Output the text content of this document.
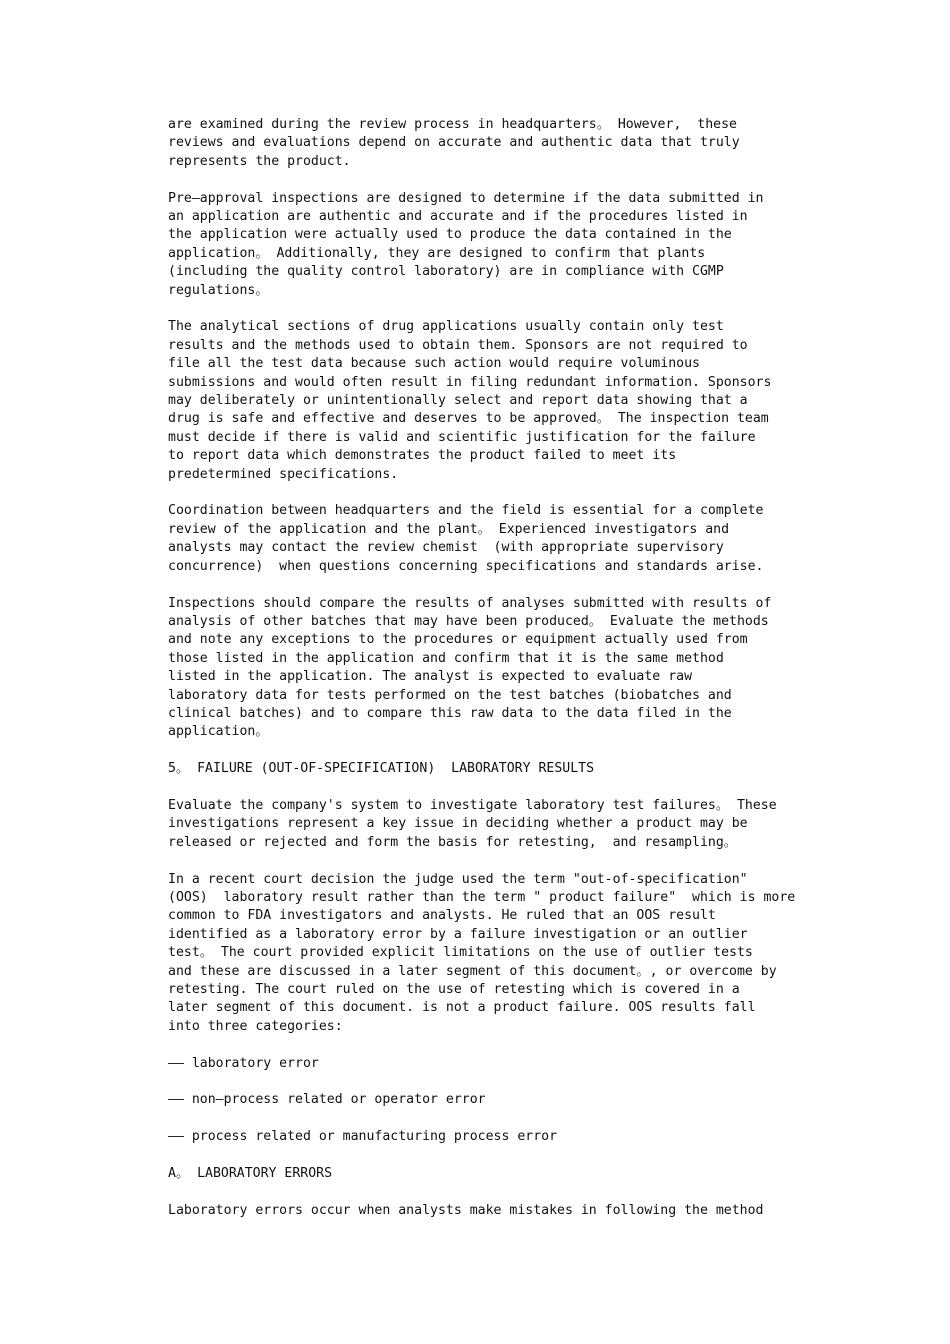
are examined during the review process in headquarters。 However,  these
reviews and evaluations depend on accurate and authentic data that truly
represents the product.

Pre—approval inspections are designed to determine if the data submitted in
an application are authentic and accurate and if the procedures listed in
the application were actually used to produce the data contained in the
application。 Additionally, they are designed to confirm that plants
(including the quality control laboratory) are in compliance with CGMP
regulations。

The analytical sections of drug applications usually contain only test
results and the methods used to obtain them. Sponsors are not required to
file all the test data because such action would require voluminous
submissions and would often result in filing redundant information. Sponsors
may deliberately or unintentionally select and report data showing that a
drug is safe and effective and deserves to be approved。 The inspection team
must decide if there is valid and scientific justification for the failure
to report data which demonstrates the product failed to meet its
predetermined specifications.

Coordination between headquarters and the field is essential for a complete
review of the application and the plant。 Experienced investigators and
analysts may contact the review chemist  (with appropriate supervisory
concurrence)  when questions concerning specifications and standards arise.

Inspections should compare the results of analyses submitted with results of
analysis of other batches that may have been produced。 Evaluate the methods
and note any exceptions to the procedures or equipment actually used from
those listed in the application and confirm that it is the same method
listed in the application. The analyst is expected to evaluate raw
laboratory data for tests performed on the test batches (biobatches and
clinical batches) and to compare this raw data to the data filed in the
application。

5。 FAILURE (OUT-OF-SPECIFICATION)  LABORATORY RESULTS

Evaluate the company's system to investigate laboratory test failures。 These
investigations represent a key issue in deciding whether a product may be
released or rejected and form the basis for retesting,  and resampling。

In a recent court decision the judge used the term "out-of-specification"
(OOS)  laboratory result rather than the term " product failure"  which is more
common to FDA investigators and analysts. He ruled that an OOS result
identified as a laboratory error by a failure investigation or an outlier
test。 The court provided explicit limitations on the use of outlier tests
and these are discussed in a later segment of this document。, or overcome by
retesting. The court ruled on the use of retesting which is covered in a
later segment of this document. is not a product failure. OOS results fall
into three categories:

—— laboratory error

—— non—process related or operator error

—— process related or manufacturing process error

A。 LABORATORY ERRORS

Laboratory errors occur when analysts make mistakes in following the method
